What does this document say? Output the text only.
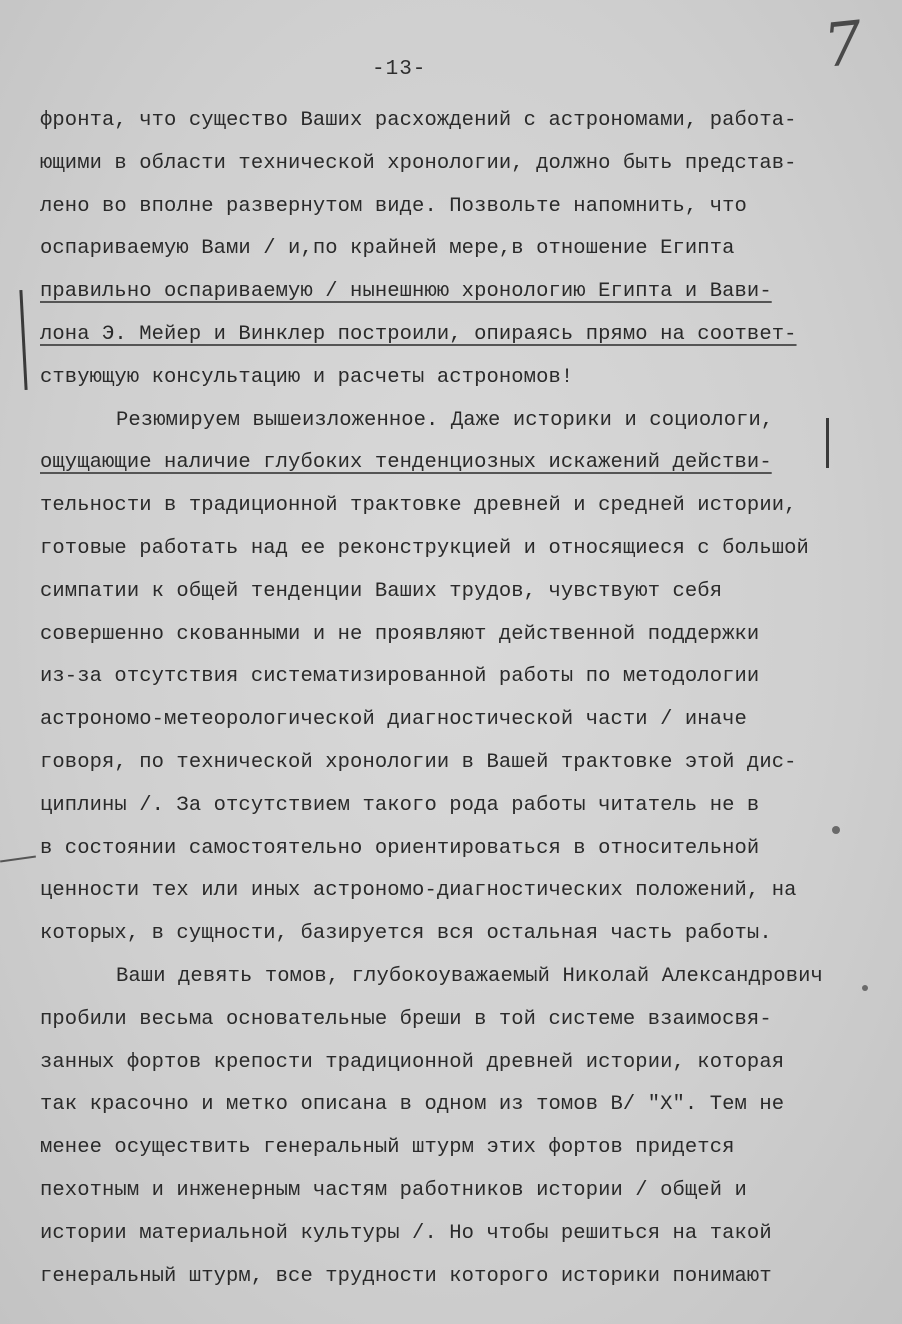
7
-13-
фронта, что существо Ваших расхождений с астрономами, работа-
ющими в области технической хронологии, должно быть представ-
лено во вполне развернутом виде. Позвольте напомнить, что
оспариваемую Вами / и,по крайней мере,в отношение Египта
правильно оспариваемую / нынешнюю хронологию Египта и Вави-
лона Э. Мейер и Винклер построили, опираясь прямо на соответ-
ствующую консультацию и расчеты астрономов!
Резюмируем вышеизложенное. Даже историки и социологи,
ощущающие наличие глубоких тенденциозных искажений действи-
тельности в традиционной трактовке древней и средней истории,
готовые работать над ее реконструкцией и относящиеся с большой
симпатии к общей тенденции Ваших трудов, чувствуют себя
совершенно скованными и не проявляют действенной поддержки
из-за отсутствия систематизированной работы по методологии
астрономо-метеорологической диагностической части / иначе
говоря, по технической хронологии в Вашей трактовке этой дис-
циплины /. За отсутствием такого рода работы читатель не в
в состоянии самостоятельно ориентироваться в относительной
ценности тех или иных астрономо-диагностических положений, на
которых, в сущности, базируется вся остальная часть работы.
Ваши девять томов, глубокоуважаемый Николай Александрович
пробили весьма основательные бреши в той системе взаимосвя-
занных фортов крепости традиционной древней истории, которая
так красочно и метко описана в одном из томов В/ "X". Тем не
менее осуществить генеральный штурм этих фортов придется
пехотным и инженерным частям работников истории / общей и
истории материальной культуры /. Но чтобы решиться на такой
генеральный штурм, все трудности которого историки понимают
